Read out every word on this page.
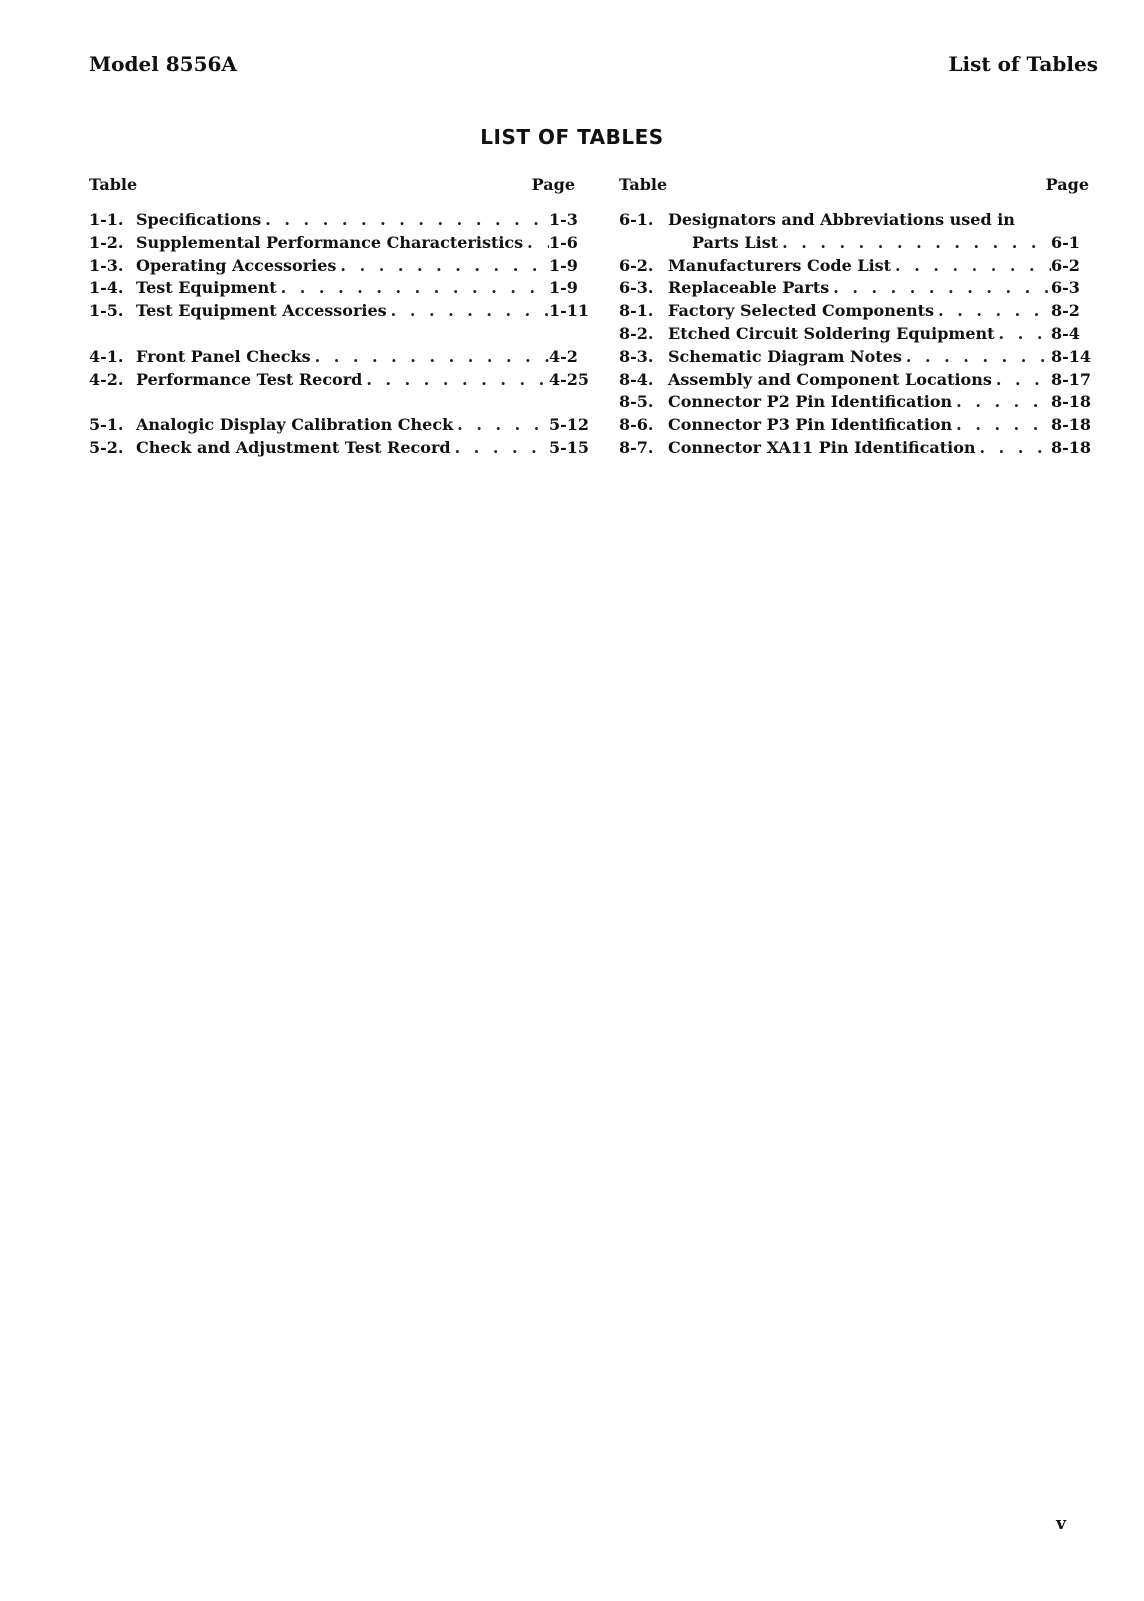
Model 8556A	List of Tables
LIST OF TABLES
Table	Page
1-1. Specifications . . .	1-3
1-2. Supplemental Performance Characteristics . . . 1-6
1-3. Operating Accessories . . .	1-9
1-4. Test Equipment . . .	1-9
1-5. Test Equipment Accessories . . .	1-11
4-1. Front Panel Checks . . .	4-2
4-2. Performance Test Record . . .	4-25
5-1. Analogic Display Calibration Check . . .	5-12
5-2. Check and Adjustment Test Record . . .	5-15
Table	Page
6-1. Designators and Abbreviations used in
Parts List . . .	6-1
6-2. Manufacturers Code List . . .	6-2
6-3. Replaceable Parts . . .	6-3
8-1. Factory Selected Components . . .	8-2
8-2. Etched Circuit Soldering Equipment . . .	8-4
8-3. Schematic Diagram Notes . . .	8-14
8-4. Assembly and Component Locations . . .	8-17
8-5. Connector P2 Pin Identification . . .	8-18
8-6. Connector P3 Pin Identification . . .	8-18
8-7. Connector XA11 Pin Identification . . .	8-18
v
